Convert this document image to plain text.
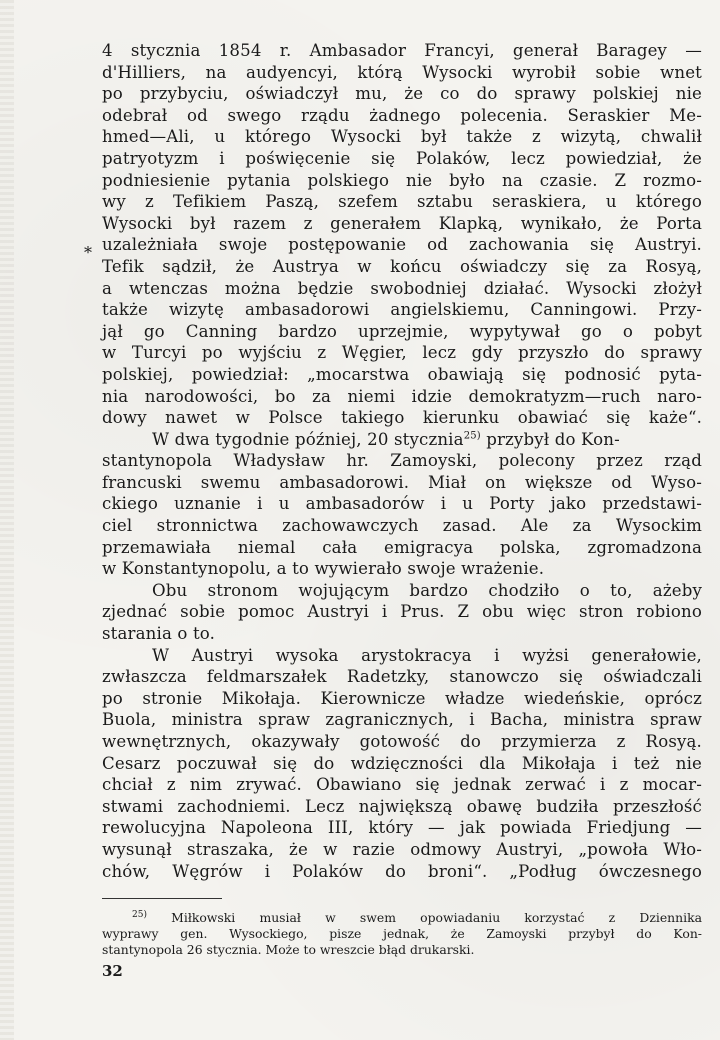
*
4 stycznia 1854 r. Ambasador Francyi, generał Baragey —
d'Hilliers, na audyencyi, którą Wysocki wyrobił sobie wnet
po przybyciu, oświadczył mu, że co do sprawy polskiej nie
odebrał od swego rządu żadnego polecenia. Seraskier Me-
hmed—Ali, u którego Wysocki był także z wizytą, chwalił
patryotyzm i poświęcenie się Polaków, lecz powiedział, że
podniesienie pytania polskiego nie było na czasie. Z rozmo-
wy z Tefikiem Paszą, szefem sztabu seraskiera, u którego
Wysocki był razem z generałem Klapką, wynikało, że Porta
uzależniała swoje postępowanie od zachowania się Austryi.
Tefik sądził, że Austrya w końcu oświadczy się za Rosyą,
a wtenczas można będzie swobodniej działać. Wysocki złożył
także wizytę ambasadorowi angielskiemu, Canningowi. Przy-
jął go Canning bardzo uprzejmie, wypytywał go o pobyt
w Turcyi po wyjściu z Węgier, lecz gdy przyszło do sprawy
polskiej, powiedział: „mocarstwa obawiają się podnosić pyta-
nia narodowości, bo za niemi idzie demokratyzm—ruch naro-
dowy nawet w Polsce takiego kierunku obawiać się każe“.
W dwa tygodnie później, 20 stycznia$^{25)}$ przybył do Kon-
stantynopola Władysław hr. Zamoyski, polecony przez rząd
francuski swemu ambasadorowi. Miał on większe od Wyso-
ckiego uznanie i u ambasadorów i u Porty jako przedstawi-
ciel stronnictwa zachowawczych zasad. Ale za Wysockim
przemawiała niemal cała emigracya polska, zgromadzona
w Konstantynopolu, a to wywierało swoje wrażenie.
Obu stronom wojującym bardzo chodziło o to, ażeby
zjednać sobie pomoc Austryi i Prus. Z obu więc stron robiono
starania o to.
W Austryi wysoka arystokracya i wyżsi generałowie,
zwłaszcza feldmarszałek Radetzky, stanowczo się oświadczali
po stronie Mikołaja. Kierownicze władze wiedeńskie, oprócz
Buola, ministra spraw zagranicznych, i Bacha, ministra spraw
wewnętrznych, okazywały gotowość do przymierza z Rosyą.
Cesarz poczuwał się do wdzięczności dla Mikołaja i też nie
chciał z nim zrywać. Obawiano się jednak zerwać i z mocar-
stwami zachodniemi. Lecz największą obawę budziła przeszłość
rewolucyjna Napoleona III, który — jak powiada Friedjung —
wysunął straszaka, że w razie odmowy Austryi, „powoła Wło-
chów, Węgrów i Polaków do broni“. „Podług ówczesnego
$^{25)}$ Miłkowski musiał w swem opowiadaniu korzystać z Dziennika
wyprawy gen. Wysockiego, pisze jednak, że Zamoyski przybył do Kon-
stantynopola 26 stycznia. Może to wreszcie błąd drukarski.
32
